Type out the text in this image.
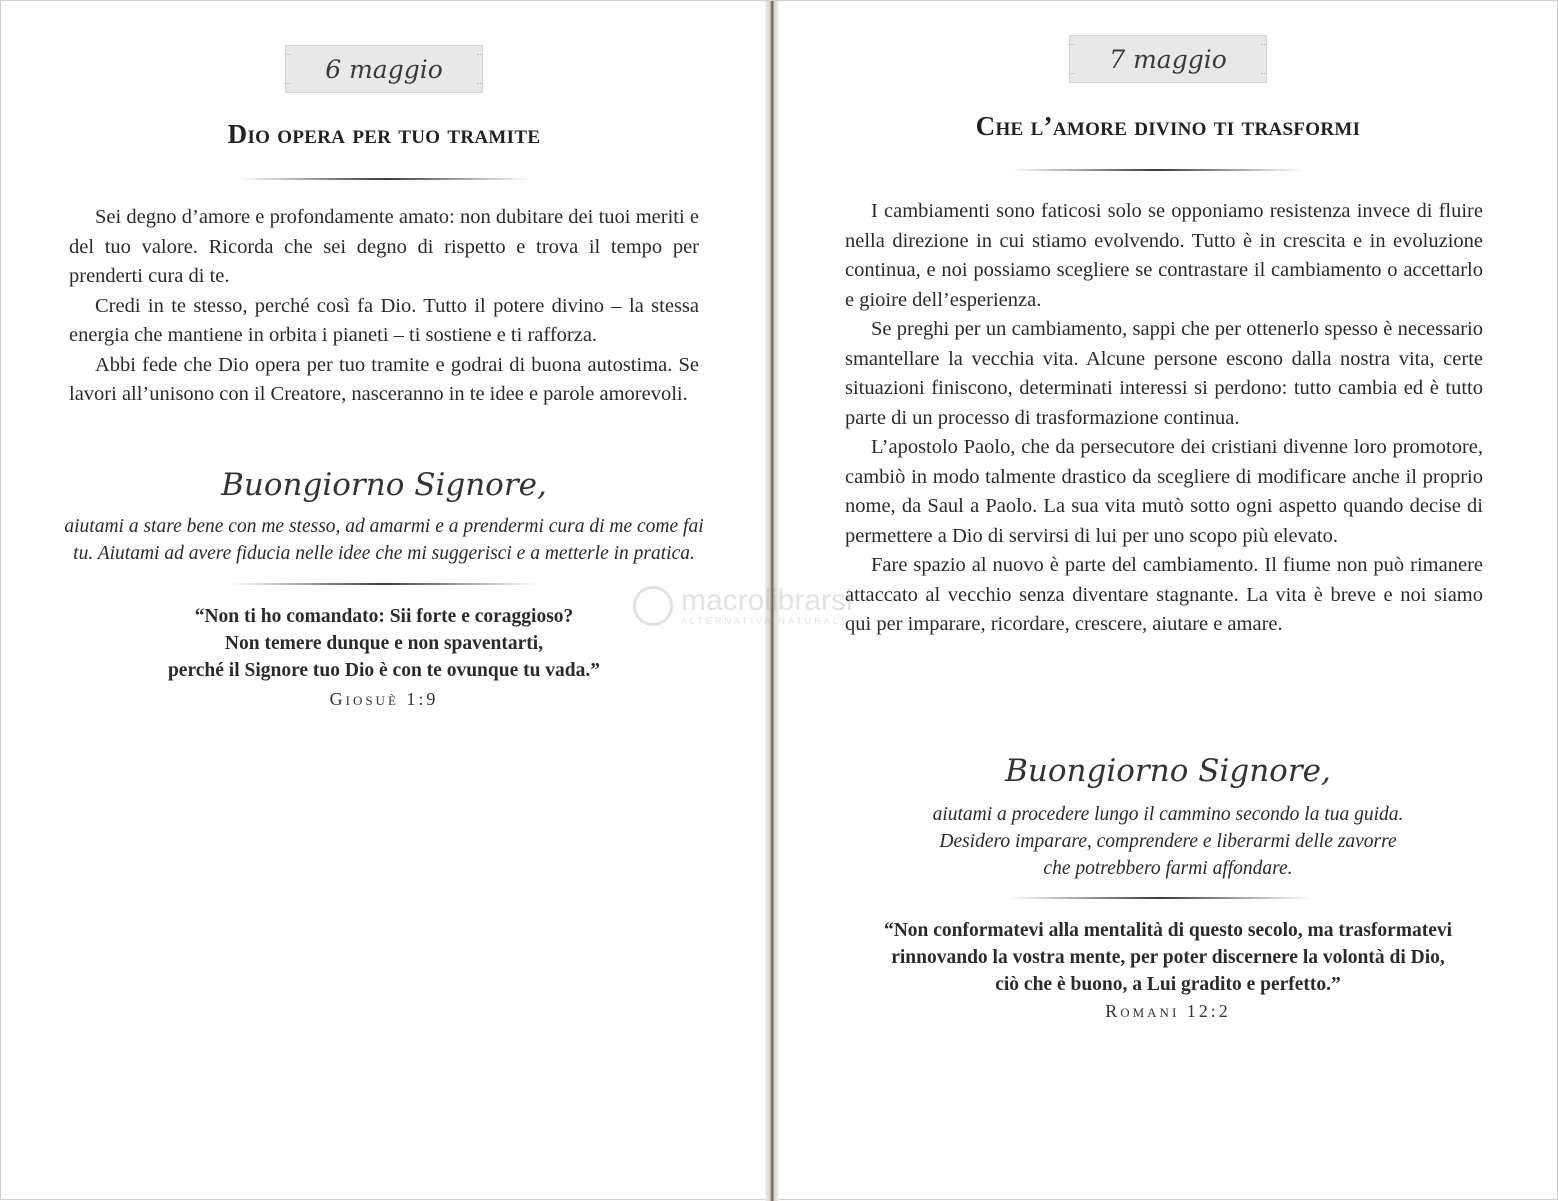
6 maggio
Dio opera per tuo tramite

Sei degno d’amore e profondamente amato: non dubitare dei tuoi meriti e del tuo valore. Ricorda che sei degno di rispetto e trova il tempo per prenderti cura di te.

Credi in te stesso, perché così fa Dio. Tutto il potere divino – la stessa energia che mantiene in orbita i pianeti – ti sostiene e ti rafforza.

Abbi fede che Dio opera per tuo tramite e godrai di buona autostima. Se lavori all’unisono con il Creatore, nasceranno in te idee e parole amorevoli.

Buongiorno Signore,
aiutami a stare bene con me stesso, ad amarmi e a prendermi cura di me come fai
tu. Aiutami ad avere fiducia nelle idee che mi suggerisci e a metterle in pratica.
“Non ti ho comandato: Sii forte e coraggioso?
Non temere dunque e non spaventarti,
perché il Signore tuo Dio è con te ovunque tu vada.”
Giosuè 1:9
7 maggio
Che l’amore divino ti trasformi

I cambiamenti sono faticosi solo se opponiamo resistenza invece di fluire nella direzione in cui stiamo evolvendo. Tutto è in crescita e in evoluzione continua, e noi possiamo scegliere se contrastare il cambiamento o accettarlo e gioire dell’esperienza.

Se preghi per un cambiamento, sappi che per ottenerlo spesso è necessario smantellare la vecchia vita. Alcune persone escono dalla nostra vita, certe situazioni finiscono, determinati interessi si perdono: tutto cambia ed è tutto parte di un processo di trasformazione continua.

L’apostolo Paolo, che da persecutore dei cristiani divenne loro promotore, cambiò in modo talmente drastico da scegliere di modificare anche il proprio nome, da Saul a Paolo. La sua vita mutò sotto ogni aspetto quando decise di permettere a Dio di servirsi di lui per uno scopo più elevato.

Fare spazio al nuovo è parte del cambiamento. Il fiume non può rimanere attaccato al vecchio senza diventare stagnante. La vita è breve e noi siamo qui per imparare, ricordare, crescere, aiutare e amare.

Buongiorno Signore,
aiutami a procedere lungo il cammino secondo la tua guida.
Desidero imparare, comprendere e liberarmi delle zavorre
che potrebbero farmi affondare.
“Non conformatevi alla mentalità di questo secolo, ma trasformatevi
rinnovando la vostra mente, per poter discernere la volontà di Dio,
ciò che è buono, a Lui gradito e perfetto.”
Romani 12:2
macrolibrarsi
ALTERNATIVA NATURALE
